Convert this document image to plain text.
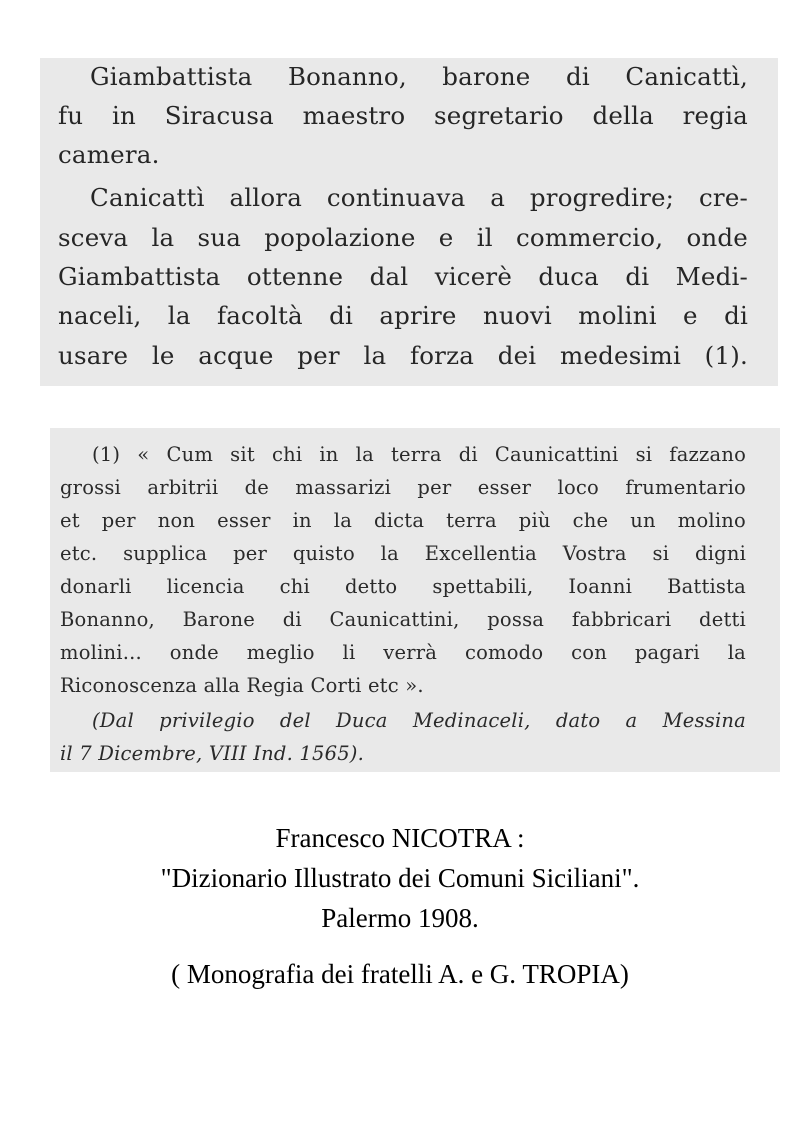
Giambattista Bonanno, barone di Canicattì,
fu in Siracusa maestro segretario della regia
camera.
Canicattì allora continuava a progredire; cre-
sceva la sua popolazione e il commercio, onde
Giambattista ottenne dal vicerè duca di Medi-
naceli, la facoltà di aprire nuovi molini e di
usare le acque per la forza dei medesimi (1).
(1) « Cum sit chi in la terra di Caunicattini si fazzano
grossi arbitrii de massarizi per esser loco frumentario
et per non esser in la dicta terra più che un molino
etc. supplica per quisto la Excellentia Vostra si digni
donarli licencia chi detto spettabili, Ioanni Battista
Bonanno, Barone di Caunicattini, possa fabbricari detti
molini... onde meglio li verrà comodo con pagari la
Riconoscenza alla Regia Corti etc ».
(Dal privilegio del Duca Medinaceli, dato a Messina
il 7 Dicembre, VIII Ind. 1565).
Francesco NICOTRA :
"Dizionario Illustrato dei Comuni Siciliani".
Palermo 1908.
( Monografia dei fratelli A. e G. TROPIA)
